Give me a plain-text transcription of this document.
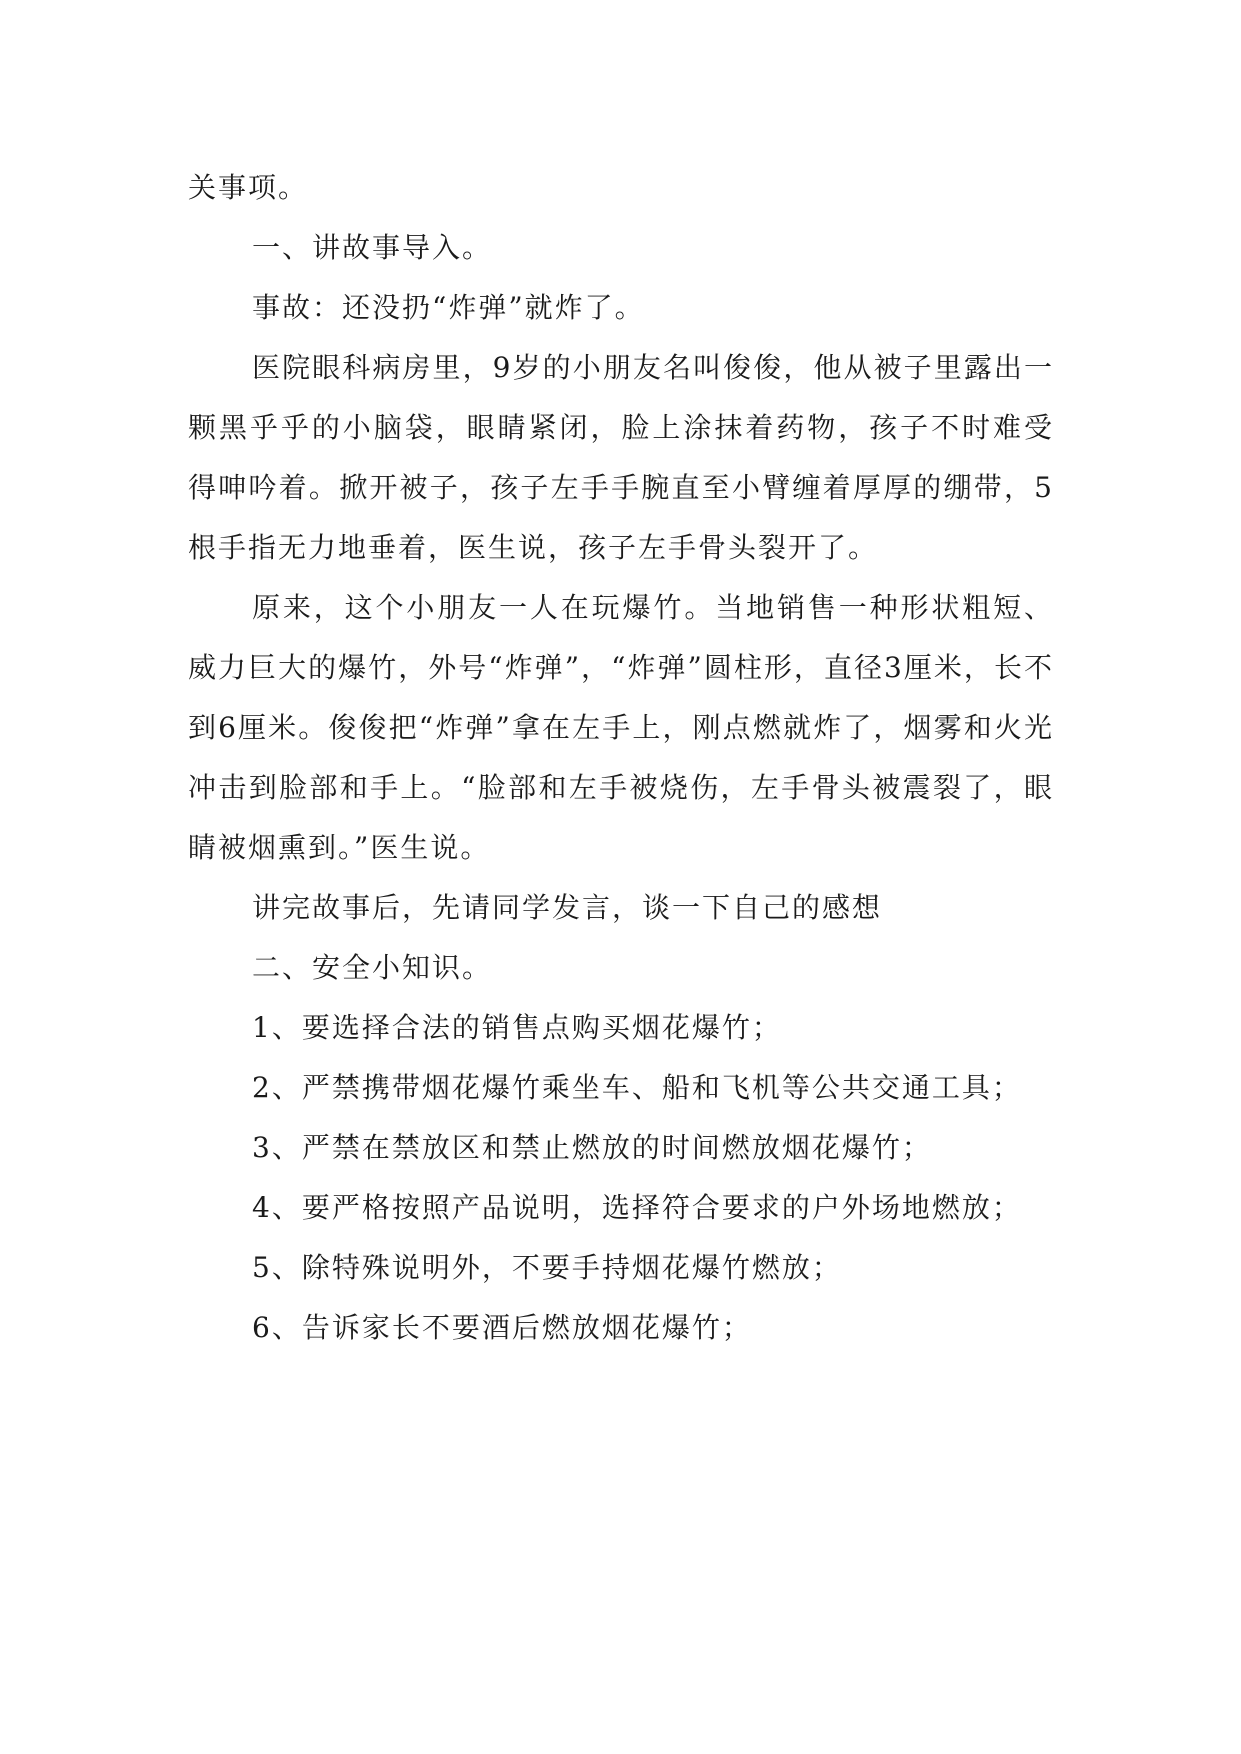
关事项。

一、讲故事导入。

事故：还没扔“炸弹”就炸了。

医院眼科病房里，9岁的小朋友名叫俊俊，他从被子里露出一颗黑乎乎的小脑袋，眼睛紧闭，脸上涂抹着药物，孩子不时难受得呻吟着。掀开被子，孩子左手手腕直至小臂缠着厚厚的绷带，5根手指无力地垂着，医生说，孩子左手骨头裂开了。

原来，这个小朋友一人在玩爆竹。当地销售一种形状粗短、威力巨大的爆竹，外号“炸弹”，“炸弹”圆柱形，直径3厘米，长不到6厘米。俊俊把“炸弹”拿在左手上，刚点燃就炸了，烟雾和火光冲击到脸部和手上。“脸部和左手被烧伤，左手骨头被震裂了，眼睛被烟熏到。”医生说。

讲完故事后，先请同学发言，谈一下自己的感想

二、安全小知识。

1、要选择合法的销售点购买烟花爆竹；

2、严禁携带烟花爆竹乘坐车、船和飞机等公共交通工具；

3、严禁在禁放区和禁止燃放的时间燃放烟花爆竹；

4、要严格按照产品说明，选择符合要求的户外场地燃放；

5、除特殊说明外，不要手持烟花爆竹燃放；

6、告诉家长不要酒后燃放烟花爆竹；
